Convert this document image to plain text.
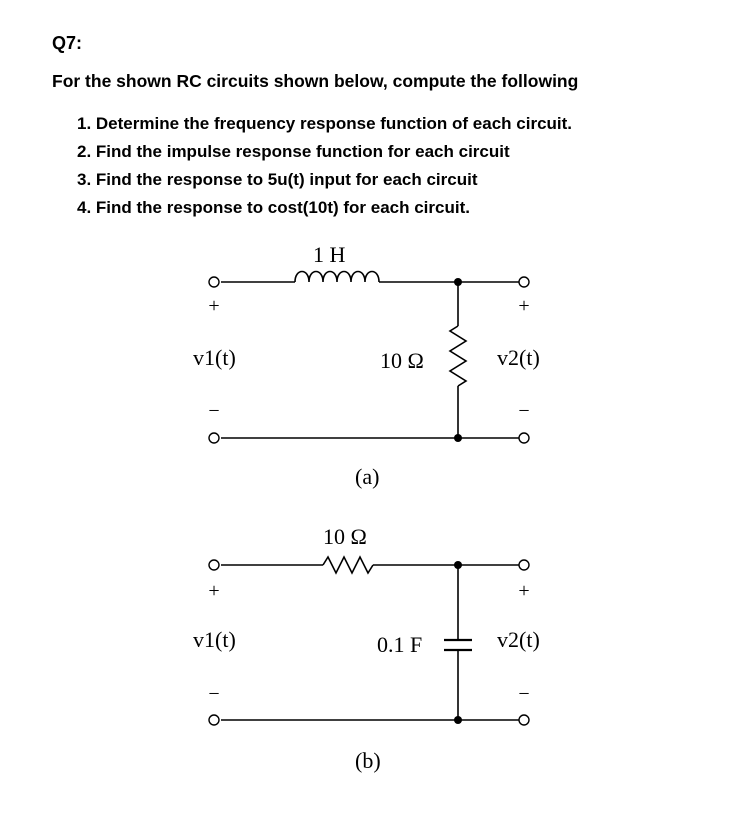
Q7:
For the shown RC circuits shown below, compute the following
1. Determine the frequency response function of each circuit.
2. Find the impulse response function for each circuit
3. Find the response to 5u(t) input for each circuit
4. Find the response to cost(10t) for each circuit.
1 H
+
−
v1(t)	10 Ω
+
−
v2(t)
(a)
10 Ω
+
−
v1(t)	0.1 F
+
−
v2(t)
(b)
